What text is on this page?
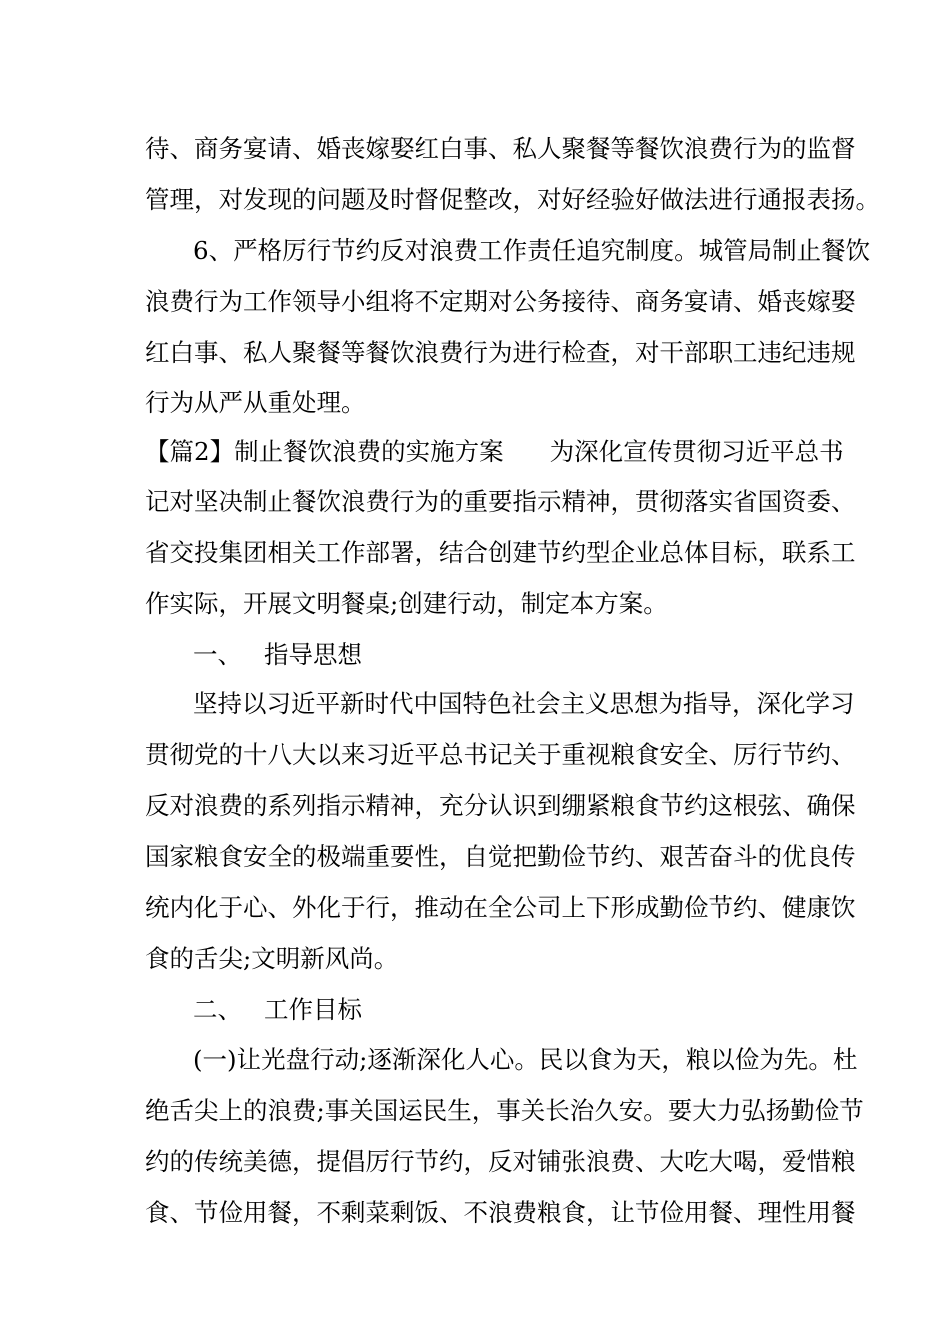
待、商务宴请、婚丧嫁娶红白事、私人聚餐等餐饮浪费行为的监督
管理，对发现的问题及时督促整改，对好经验好做法进行通报表扬。
6、严格厉行节约反对浪费工作责任追究制度。城管局制止餐饮
浪费行为工作领导小组将不定期对公务接待、商务宴请、婚丧嫁娶
红白事、私人聚餐等餐饮浪费行为进行检查，对干部职工违纪违规
行为从严从重处理。
【篇2】制止餐饮浪费的实施方案 为深化宣传贯彻习近平总书
记对坚决制止餐饮浪费行为的重要指示精神，贯彻落实省国资委、
省交投集团相关工作部署，结合创建节约型企业总体目标，联系工
作实际，开展文明餐桌;创建行动，制定本方案。
一、 指导思想
坚持以习近平新时代中国特色社会主义思想为指导，深化学习
贯彻党的十八大以来习近平总书记关于重视粮食安全、厉行节约、
反对浪费的系列指示精神，充分认识到绷紧粮食节约这根弦、确保
国家粮食安全的极端重要性，自觉把勤俭节约、艰苦奋斗的优良传
统内化于心、外化于行，推动在全公司上下形成勤俭节约、健康饮
食的舌尖;文明新风尚。
二、 工作目标
(一)让光盘行动;逐渐深化人心。民以食为天，粮以俭为先。杜
绝舌尖上的浪费;事关国运民生，事关长治久安。要大力弘扬勤俭节
约的传统美德，提倡厉行节约，反对铺张浪费、大吃大喝，爱惜粮
食、节俭用餐，不剩菜剩饭、不浪费粮食，让节俭用餐、理性用餐
